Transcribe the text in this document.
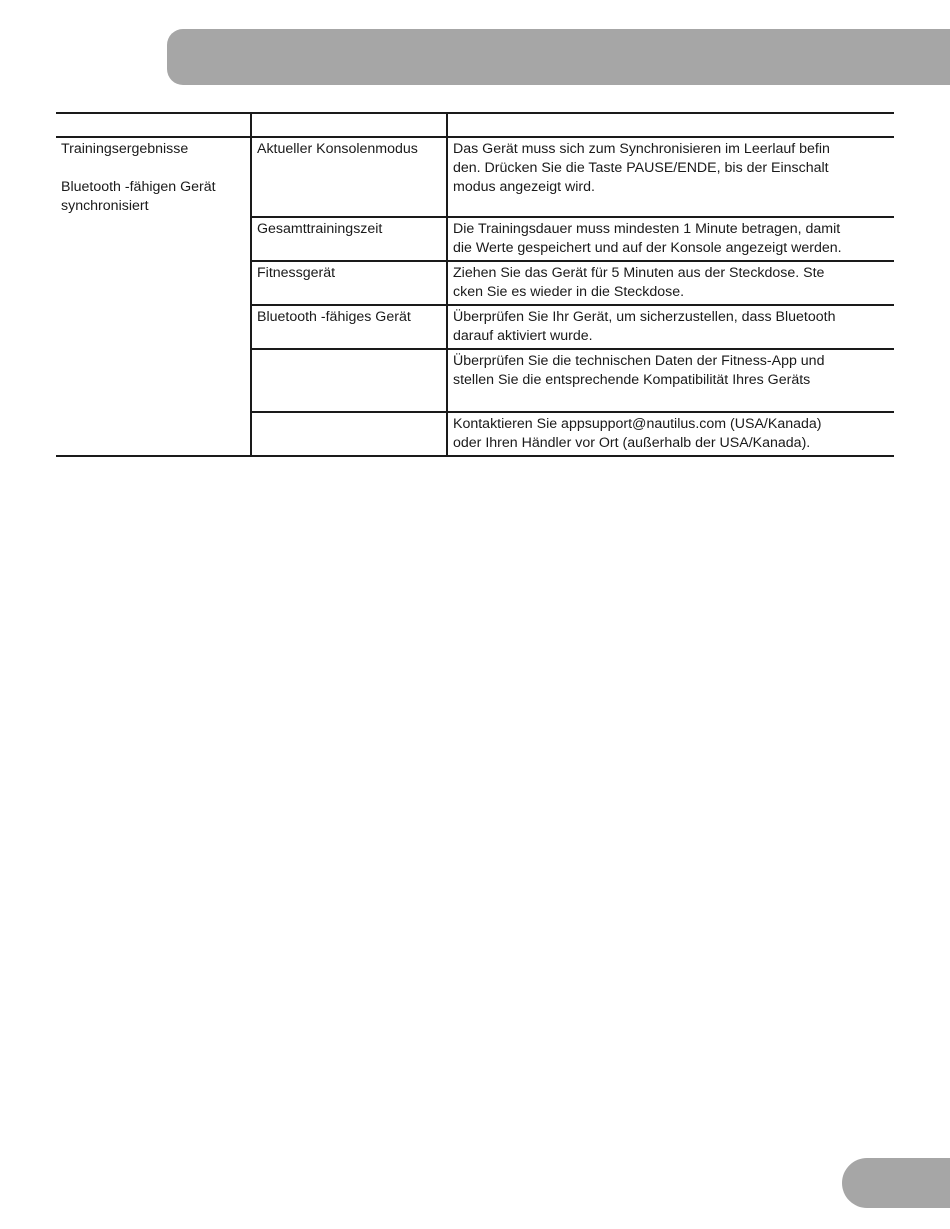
Trainingsergebnisse
Bluetooth -fähigen Gerät
synchronisiert	Aktueller Konsolenmodus	Das Gerät muss sich zum Synchronisieren im Leerlauf befin
den. Drücken Sie die Taste PAUSE/ENDE, bis der Einschalt
modus angezeigt wird.

	Gesamttrainingszeit	Die Trainingsdauer muss mindesten 1 Minute betragen, damit
die Werte gespeichert und auf der Konsole angezeigt werden.

	Fitnessgerät	Ziehen Sie das Gerät für 5 Minuten aus der Steckdose. Ste
cken Sie es wieder in die Steckdose.

	Bluetooth -fähiges Gerät	Überprüfen Sie Ihr Gerät, um sicherzustellen, dass Bluetooth
darauf aktiviert wurde.

		Überprüfen Sie die technischen Daten der Fitness-App und
stellen Sie die entsprechende Kompatibilität Ihres Geräts

		Kontaktieren Sie appsupport@nautilus.com (USA/Kanada)
oder Ihren Händler vor Ort (außerhalb der USA/Kanada).
